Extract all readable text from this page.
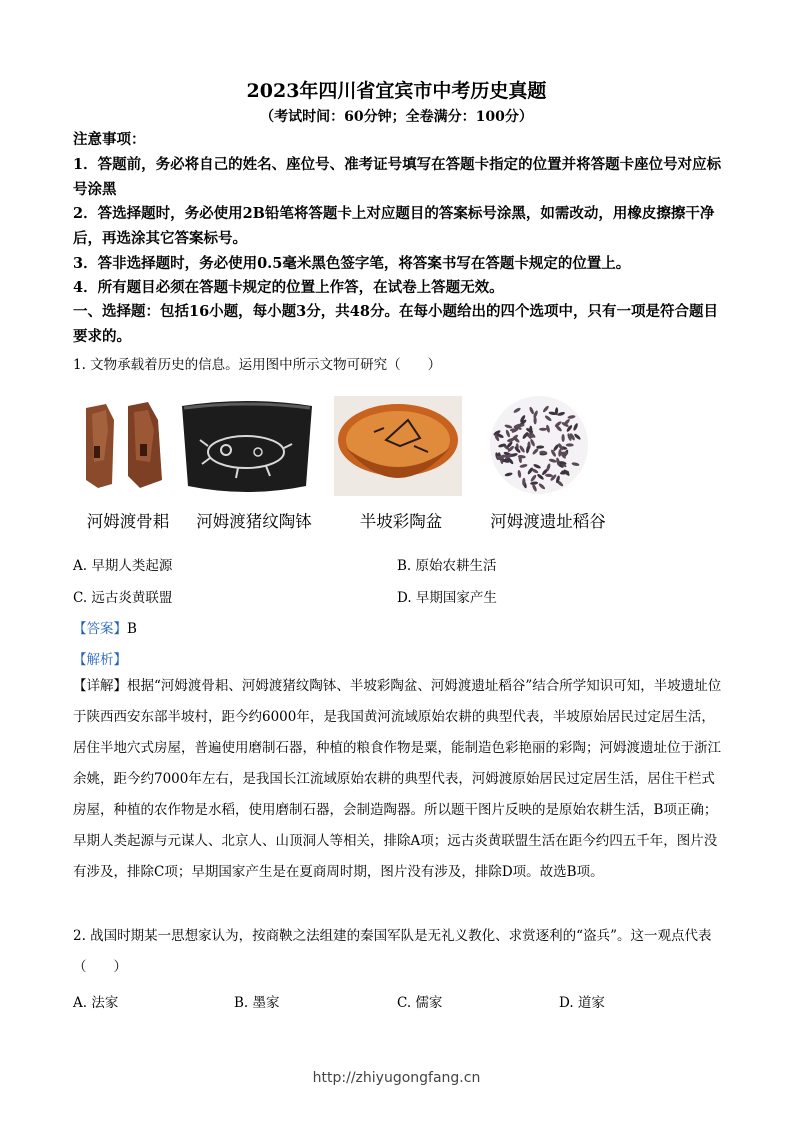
2023年四川省宜宾市中考历史真题
（考试时间：60分钟；全卷满分：100分）
注意事项：
1．答题前，务必将自己的姓名、座位号、准考证号填写在答题卡指定的位置并将答题卡座位号对应标号涂黑
2．答选择题时，务必使用2B铅笔将答题卡上对应题目的答案标号涂黑，如需改动，用橡皮擦擦干净后，再选涂其它答案标号。
3．答非选择题时，务必使用0.5毫米黑色签字笔，将答案书写在答题卡规定的位置上。
4．所有题目必须在答题卡规定的位置上作答，在试卷上答题无效。
一、选择题：包括16小题，每小题3分，共48分。在每小题给出的四个选项中，只有一项是符合题目要求的。
1. 文物承载着历史的信息。运用图中所示文物可研究（　　）
河姆渡骨耜	河姆渡猪纹陶钵	半坡彩陶盆	河姆渡遗址稻谷
A. 早期人类起源	B. 原始农耕生活
C. 远古炎黄联盟	D. 早期国家产生
【答案】B
【解析】
【详解】根据“河姆渡骨耜、河姆渡猪纹陶钵、半坡彩陶盆、河姆渡遗址稻谷”结合所学知识可知，半坡遗址位于陕西西安东部半坡村，距今约6000年，是我国黄河流域原始农耕的典型代表，半坡原始居民过定居生活，居住半地穴式房屋，普遍使用磨制石器，种植的粮食作物是粟，能制造色彩艳丽的彩陶；河姆渡遗址位于浙江余姚，距今约7000年左右，是我国长江流域原始农耕的典型代表，河姆渡原始居民过定居生活，居住干栏式房屋，种植的农作物是水稻，使用磨制石器，会制造陶器。所以题干图片反映的是原始农耕生活，B项正确；早期人类起源与元谋人、北京人、山顶洞人等相关，排除A项；远古炎黄联盟生活在距今约四五千年，图片没有涉及，排除C项；早期国家产生是在夏商周时期，图片没有涉及，排除D项。故选B项。
2. 战国时期某一思想家认为，按商鞅之法组建的秦国军队是无礼义教化、求赏逐利的“盗兵”。这一观点代表（　　）
A. 法家	B. 墨家	C. 儒家	D. 道家
http://zhiyugongfang.cn
